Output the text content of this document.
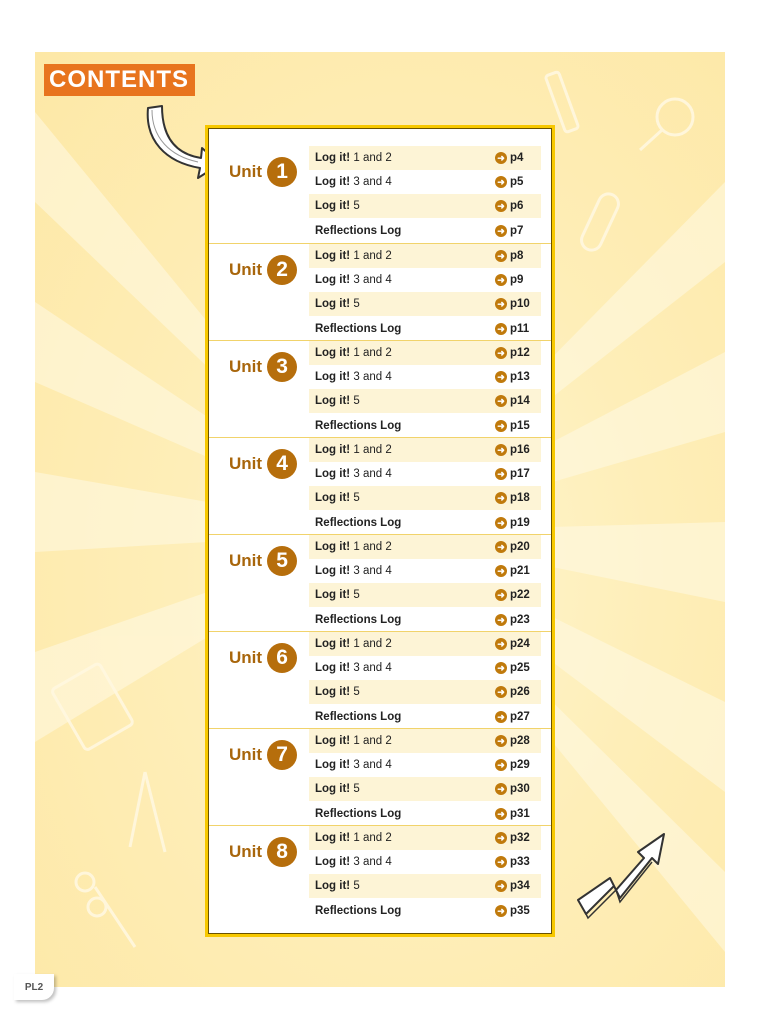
CONTENTS
Unit 1
Log it! 1 and 2	➜ p4
Log it! 3 and 4	➜ p5
Log it! 5	➜ p6
Reflections Log	➜ p7
Unit 2
Log it! 1 and 2	➜ p8
Log it! 3 and 4	➜ p9
Log it! 5	➜ p10
Reflections Log	➜ p11
Unit 3
Log it! 1 and 2	➜ p12
Log it! 3 and 4	➜ p13
Log it! 5	➜ p14
Reflections Log	➜ p15
Unit 4
Log it! 1 and 2	➜ p16
Log it! 3 and 4	➜ p17
Log it! 5	➜ p18
Reflections Log	➜ p19
Unit 5
Log it! 1 and 2	➜ p20
Log it! 3 and 4	➜ p21
Log it! 5	➜ p22
Reflections Log	➜ p23
Unit 6
Log it! 1 and 2	➜ p24
Log it! 3 and 4	➜ p25
Log it! 5	➜ p26
Reflections Log	➜ p27
Unit 7
Log it! 1 and 2	➜ p28
Log it! 3 and 4	➜ p29
Log it! 5	➜ p30
Reflections Log	➜ p31
Unit 8
Log it! 1 and 2	➜ p32
Log it! 3 and 4	➜ p33
Log it! 5	➜ p34
Reflections Log	➜ p35
PL2
